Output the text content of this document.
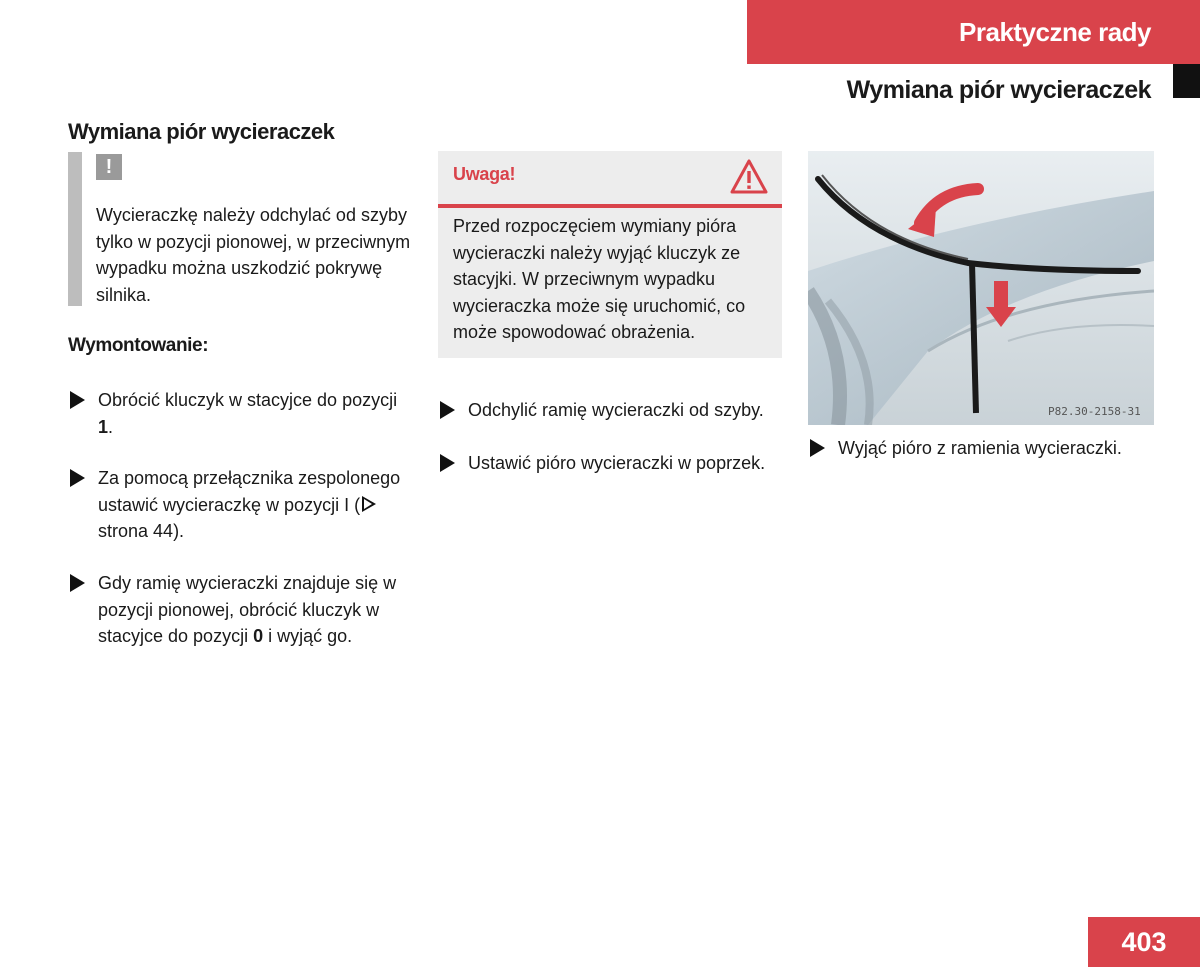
Praktyczne rady
Wymiana piór wycieraczek
Wymiana piór wycieraczek
!
Wycieraczkę należy odchylać od szyby tylko w pozycji pionowej, w przeciwnym wypadku można uszkodzić pokrywę silnika.
Wymontowanie:
Obrócić kluczyk w stacyjce do pozycji 1.
Za pomocą przełącznika zespolonego ustawić wycieraczkę w pozycji I (strona 44).
Gdy ramię wycieraczki znajduje się w pozycji pionowej, obrócić kluczyk w stacyjce do pozycji 0 i wyjąć go.
Uwaga!
Przed rozpoczęciem wymiany pióra wycieraczki należy wyjąć kluczyk ze stacyjki. W przeciwnym wypadku wycieraczka może się uruchomić, co może spowodować obrażenia.
Odchylić ramię wycieraczki od szyby.
Ustawić pióro wycieraczki w poprzek.
P82.30-2158-31
Wyjąć pióro z ramienia wycieraczki.
403
